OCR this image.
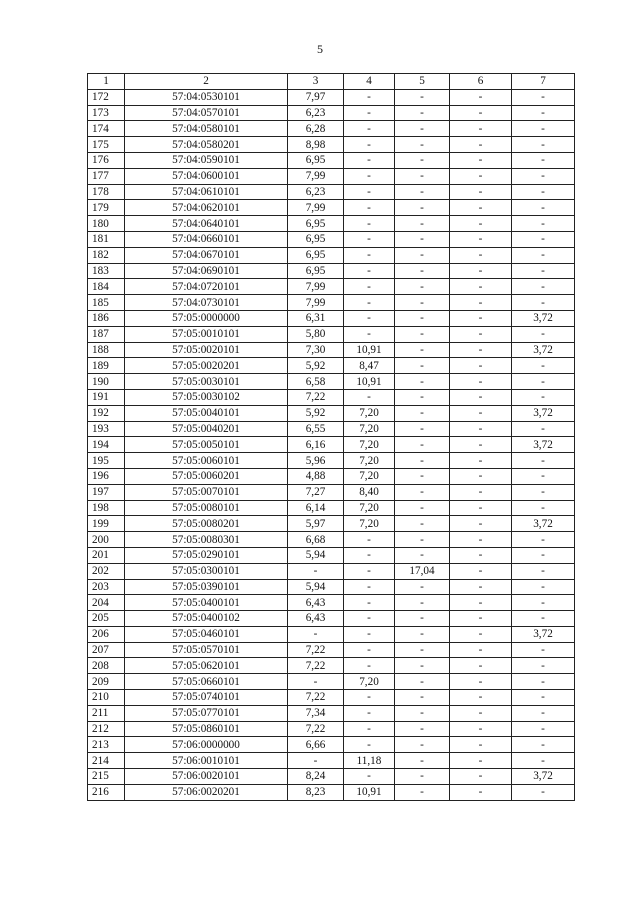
5
1	2	3	4	5	6	7
172	57:04:0530101	7,97	-	-	-	-
173	57:04:0570101	6,23	-	-	-	-
174	57:04:0580101	6,28	-	-	-	-
175	57:04:0580201	8,98	-	-	-	-
176	57:04:0590101	6,95	-	-	-	-
177	57:04:0600101	7,99	-	-	-	-
178	57:04:0610101	6,23	-	-	-	-
179	57:04:0620101	7,99	-	-	-	-
180	57:04:0640101	6,95	-	-	-	-
181	57:04:0660101	6,95	-	-	-	-
182	57:04:0670101	6,95	-	-	-	-
183	57:04:0690101	6,95	-	-	-	-
184	57:04:0720101	7,99	-	-	-	-
185	57:04:0730101	7,99	-	-	-	-
186	57:05:0000000	6,31	-	-	-	3,72
187	57:05:0010101	5,80	-	-	-	-
188	57:05:0020101	7,30	10,91	-	-	3,72
189	57:05:0020201	5,92	8,47	-	-	-
190	57:05:0030101	6,58	10,91	-	-	-
191	57:05:0030102	7,22	-	-	-	-
192	57:05:0040101	5,92	7,20	-	-	3,72
193	57:05:0040201	6,55	7,20	-	-	-
194	57:05:0050101	6,16	7,20	-	-	3,72
195	57:05:0060101	5,96	7,20	-	-	-
196	57:05:0060201	4,88	7,20	-	-	-
197	57:05:0070101	7,27	8,40	-	-	-
198	57:05:0080101	6,14	7,20	-	-	-
199	57:05:0080201	5,97	7,20	-	-	3,72
200	57:05:0080301	6,68	-	-	-	-
201	57:05:0290101	5,94	-	-	-	-
202	57:05:0300101	-	-	17,04	-	-
203	57:05:0390101	5,94	-	-	-	-
204	57:05:0400101	6,43	-	-	-	-
205	57:05:0400102	6,43	-	-	-	-
206	57:05:0460101	-	-	-	-	3,72
207	57:05:0570101	7,22	-	-	-	-
208	57:05:0620101	7,22	-	-	-	-
209	57:05:0660101	-	7,20	-	-	-
210	57:05:0740101	7,22	-	-	-	-
211	57:05:0770101	7,34	-	-	-	-
212	57:05:0860101	7,22	-	-	-	-
213	57:06:0000000	6,66	-	-	-	-
214	57:06:0010101	-	11,18	-	-	-
215	57:06:0020101	8,24	-	-	-	3,72
216	57:06:0020201	8,23	10,91	-	-	-
